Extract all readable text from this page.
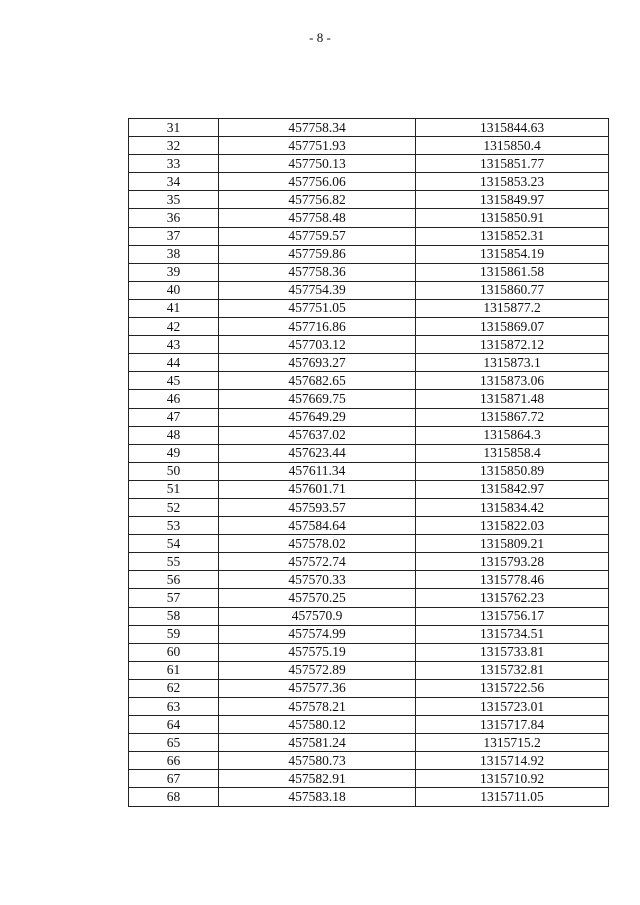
- 8 -
31	457758.34	1315844.63
32	457751.93	1315850.4
33	457750.13	1315851.77
34	457756.06	1315853.23
35	457756.82	1315849.97
36	457758.48	1315850.91
37	457759.57	1315852.31
38	457759.86	1315854.19
39	457758.36	1315861.58
40	457754.39	1315860.77
41	457751.05	1315877.2
42	457716.86	1315869.07
43	457703.12	1315872.12
44	457693.27	1315873.1
45	457682.65	1315873.06
46	457669.75	1315871.48
47	457649.29	1315867.72
48	457637.02	1315864.3
49	457623.44	1315858.4
50	457611.34	1315850.89
51	457601.71	1315842.97
52	457593.57	1315834.42
53	457584.64	1315822.03
54	457578.02	1315809.21
55	457572.74	1315793.28
56	457570.33	1315778.46
57	457570.25	1315762.23
58	457570.9	1315756.17
59	457574.99	1315734.51
60	457575.19	1315733.81
61	457572.89	1315732.81
62	457577.36	1315722.56
63	457578.21	1315723.01
64	457580.12	1315717.84
65	457581.24	1315715.2
66	457580.73	1315714.92
67	457582.91	1315710.92
68	457583.18	1315711.05
